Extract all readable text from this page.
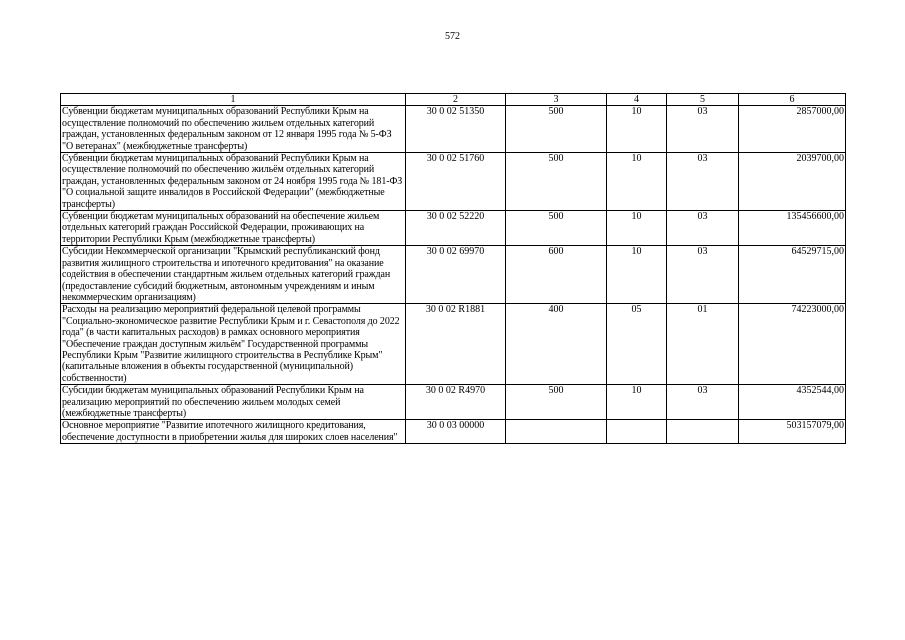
572
1	2	3	4	5	6
Субвенции бюджетам муниципальных образований Республики Крым на осуществление полномочий по обеспечению жильем отдельных категорий граждан, установленных федеральным законом от 12 января 1995 года № 5-ФЗ "О ветеранах" (межбюджетные трансферты)	30 0 02 51350	500	10	03	2857000,00
Субвенции бюджетам муниципальных образований Республики Крым на осуществление полномочий по обеспечению жильём отдельных категорий граждан, установленных федеральным законом от 24 ноября 1995 года № 181-ФЗ "О социальной защите инвалидов в Российской Федерации" (межбюджетные трансферты)	30 0 02 51760	500	10	03	2039700,00
Субвенции бюджетам муниципальных образований на обеспечение жильем отдельных категорий граждан Российской Федерации, проживающих на территории Республики Крым (межбюджетные трансферты)	30 0 02 52220	500	10	03	135456600,00
Субсидии Некоммерческой организации "Крымский республиканский фонд развития жилищного строительства и ипотечного кредитования" на оказание содействия в обеспечении стандартным жильем отдельных категорий граждан (предоставление субсидий бюджетным, автономным учреждениям и иным некоммерческим организациям)	30 0 02 69970	600	10	03	64529715,00
Расходы на реализацию мероприятий федеральной целевой программы "Социально-экономическое развитие Республики Крым и г. Севастополя до 2022 года" (в части капитальных расходов) в рамках основного мероприятия "Обеспечение граждан доступным жильём" Государственной программы Республики Крым "Развитие жилищного строительства в Республике Крым" (капитальные вложения в объекты государственной (муниципальной) собственности)	30 0 02 R1881	400	05	01	74223000,00
Субсидии бюджетам муниципальных образований Республики Крым на реализацию мероприятий по обеспечению жильем молодых семей (межбюджетные трансферты)	30 0 02 R4970	500	10	03	4352544,00
Основное мероприятие "Развитие ипотечного жилищного кредитования, обеспечение доступности в приобретении жилья для широких слоев населения"	30 0 03 00000				503157079,00
